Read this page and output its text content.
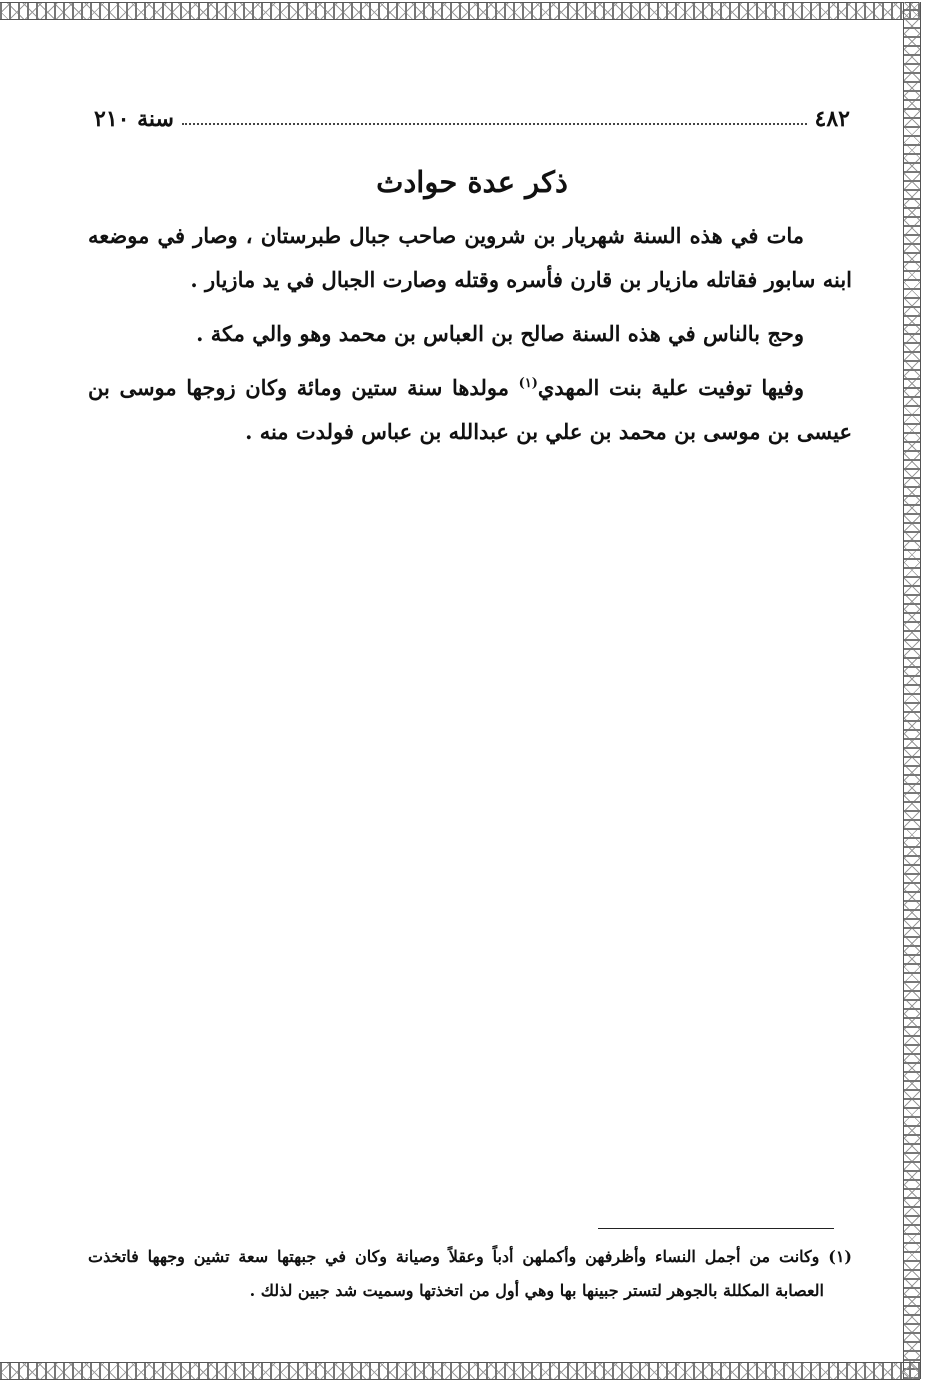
٤٨٢
سنة ٢١٠
ذكر عدة حوادث

مات في هذه السنة شهريار بن شروين صاحب جبال طبرستان ، وصار في موضعه ابنه سابور فقاتله مازيار بن قارن فأسره وقتله وصارت الجبال في يد مازيار .

وحج بالناس في هذه السنة صالح بن العباس بن محمد وهو والي مكة .

وفيها توفيت علية بنت المهدي$^{(١)}$ مولدها سنة ستين ومائة وكان زوجها موسى بن عيسى بن موسى بن محمد بن علي بن عبدالله بن عباس فولدت منه .

(١) وكانت من أجمل النساء وأظرفهن وأكملهن أدباً وعقلاً وصيانة وكان في جبهتها سعة تشين وجهها فاتخذت العصابة المكللة بالجوهر لتستر جبينها بها وهي أول من اتخذتها وسميت شد جبين لذلك .
